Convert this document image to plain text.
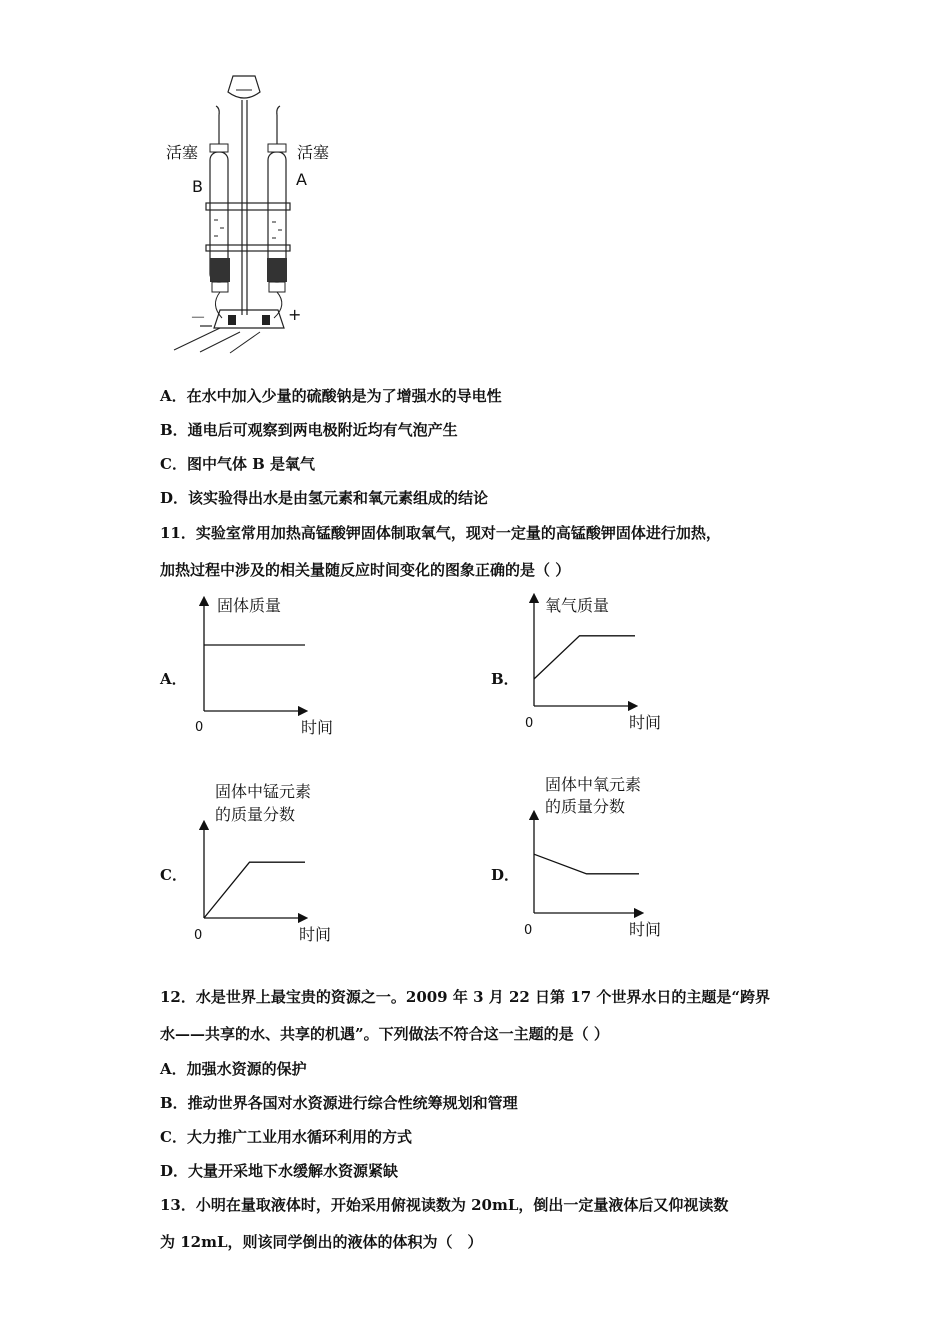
活塞	活塞
B	A
－	+
A．在水中加入少量的硫酸钠是为了增强水的导电性
B．通电后可观察到两电极附近均有气泡产生
C．图中气体 B 是氧气
D．该实验得出水是由氢元素和氧元素组成的结论
11．实验室常用加热高锰酸钾固体制取氧气，现对一定量的高锰酸钾固体进行加热，
加热过程中涉及的相关量随反应时间变化的图象正确的是（ ）
A．
固体质量
时间
0
B．
氧气质量
时间
0
C．
固体中锰元素
的质量分数
时间
0
D．
固体中氧元素
的质量分数
时间
0
12．水是世界上最宝贵的资源之一。2009 年 3 月 22 日第 17 个世界水日的主题是“跨界
水——共享的水、共享的机遇”。下列做法不符合这一主题的是（ ）
A．加强水资源的保护
B．推动世界各国对水资源进行综合性统筹规划和管理
C．大力推广工业用水循环利用的方式
D．大量开采地下水缓解水资源紧缺
13．小明在量取液体时，开始采用俯视读数为 20mL，倒出一定量液体后又仰视读数
为 12mL，则该同学倒出的液体的体积为（　）
